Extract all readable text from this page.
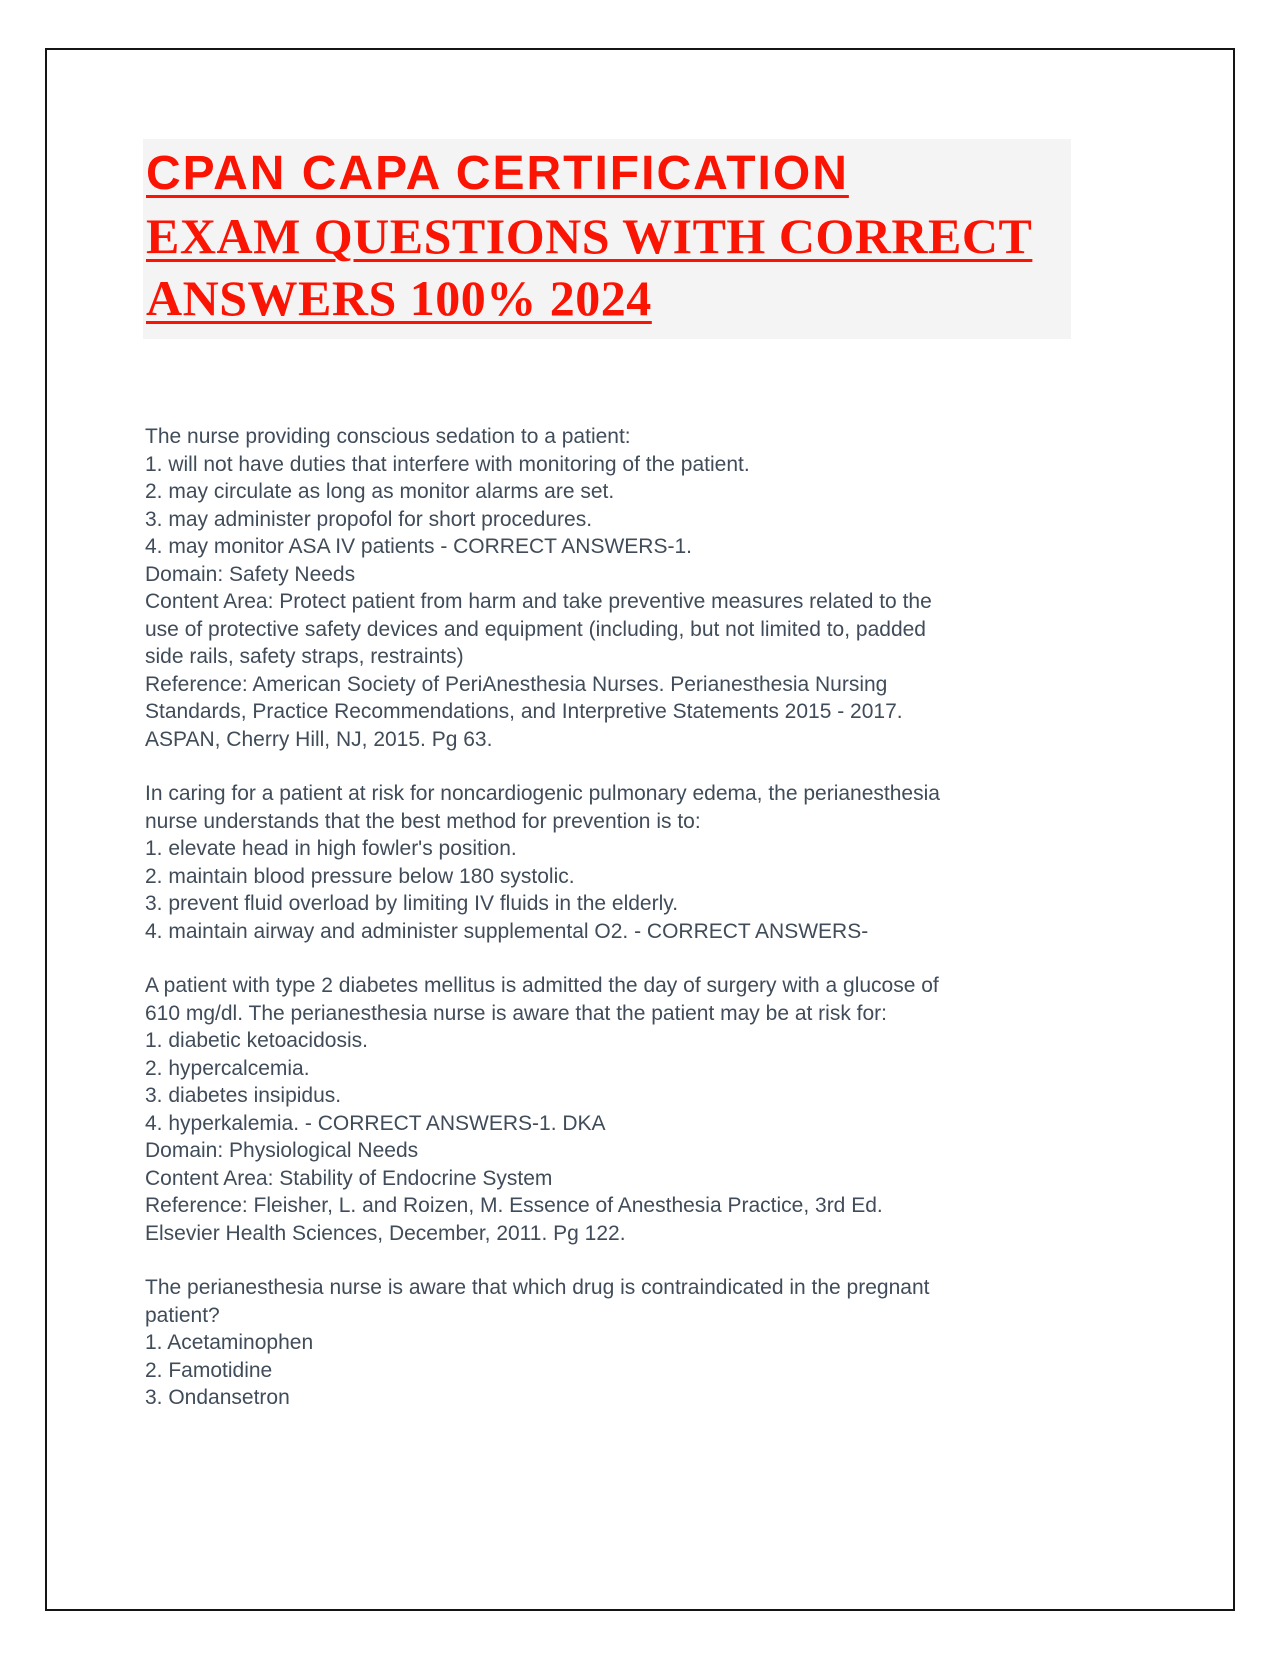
CPAN CAPA CERTIFICATION
EXAM QUESTIONS WITH CORRECT
ANSWERS 100% 2024
The nurse providing conscious sedation to a patient:
1. will not have duties that interfere with monitoring of the patient.
2. may circulate as long as monitor alarms are set.
3. may administer propofol for short procedures.
4. may monitor ASA IV patients - CORRECT ANSWERS-1.
Domain: Safety Needs
Content Area: Protect patient from harm and take preventive measures related to the
use of protective safety devices and equipment (including, but not limited to, padded
side rails, safety straps, restraints)
Reference: American Society of PeriAnesthesia Nurses. Perianesthesia Nursing
Standards, Practice Recommendations, and Interpretive Statements 2015 - 2017.
ASPAN, Cherry Hill, NJ, 2015. Pg 63.
In caring for a patient at risk for noncardiogenic pulmonary edema, the perianesthesia
nurse understands that the best method for prevention is to:
1. elevate head in high fowler's position.
2. maintain blood pressure below 180 systolic.
3. prevent fluid overload by limiting IV fluids in the elderly.
4. maintain airway and administer supplemental O2. - CORRECT ANSWERS-
A patient with type 2 diabetes mellitus is admitted the day of surgery with a glucose of
610 mg/dl. The perianesthesia nurse is aware that the patient may be at risk for:
1. diabetic ketoacidosis.
2. hypercalcemia.
3. diabetes insipidus.
4. hyperkalemia. - CORRECT ANSWERS-1. DKA
Domain: Physiological Needs
Content Area: Stability of Endocrine System
Reference: Fleisher, L. and Roizen, M. Essence of Anesthesia Practice, 3rd Ed.
Elsevier Health Sciences, December, 2011. Pg 122.
The perianesthesia nurse is aware that which drug is contraindicated in the pregnant
patient?
1. Acetaminophen
2. Famotidine
3. Ondansetron
